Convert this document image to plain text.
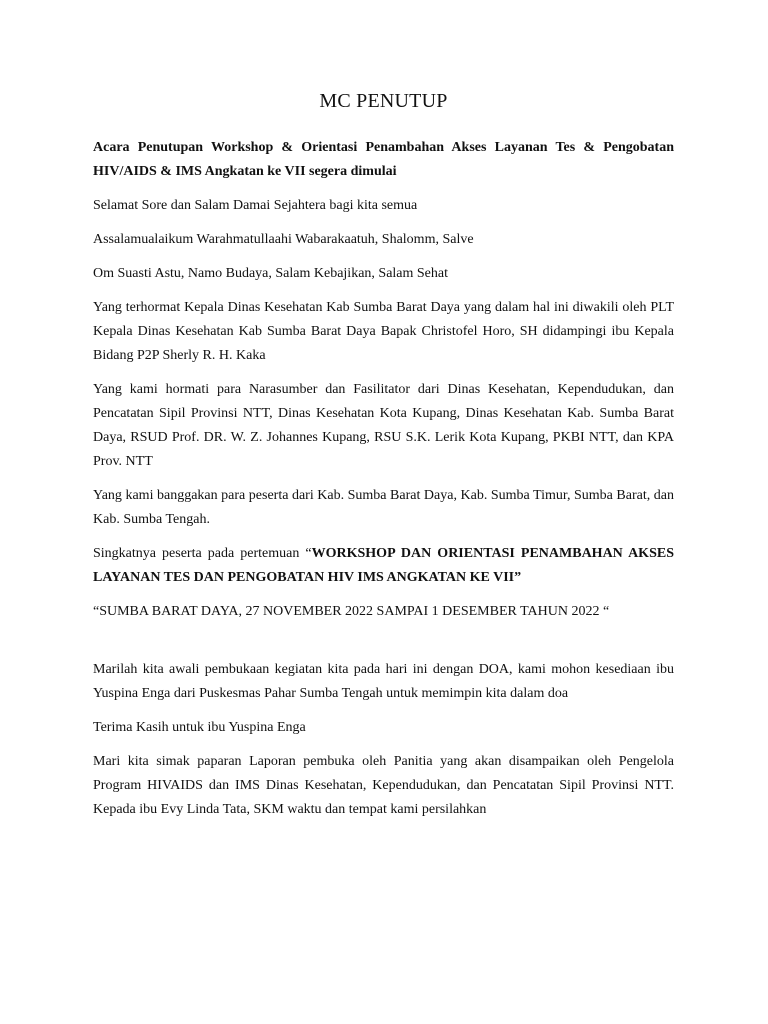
MC PENUTUP
Acara Penutupan Workshop & Orientasi Penambahan Akses Layanan Tes & Pengobatan HIV/AIDS & IMS Angkatan ke VII segera dimulai
Selamat Sore dan Salam Damai Sejahtera bagi kita semua
Assalamualaikum Warahmatullaahi Wabarakaatuh, Shalomm, Salve
Om Suasti Astu, Namo Budaya, Salam Kebajikan, Salam Sehat
Yang terhormat Kepala Dinas Kesehatan Kab Sumba Barat Daya yang dalam hal ini diwakili oleh PLT Kepala Dinas Kesehatan Kab Sumba Barat Daya Bapak Christofel Horo, SH didampingi ibu Kepala Bidang P2P Sherly R. H. Kaka
Yang kami hormati para Narasumber dan Fasilitator dari Dinas Kesehatan, Kependudukan, dan Pencatatan Sipil Provinsi NTT, Dinas Kesehatan Kota Kupang, Dinas Kesehatan Kab. Sumba Barat Daya, RSUD Prof. DR. W. Z. Johannes Kupang, RSU S.K. Lerik Kota Kupang, PKBI NTT, dan KPA Prov. NTT
Yang kami banggakan para peserta dari Kab. Sumba Barat Daya, Kab. Sumba Timur, Sumba Barat, dan Kab. Sumba Tengah.
Singkatnya peserta pada pertemuan “WORKSHOP DAN ORIENTASI PENAMBAHAN AKSES LAYANAN TES DAN PENGOBATAN HIV IMS ANGKATAN KE VII”
“SUMBA BARAT DAYA, 27 NOVEMBER 2022 SAMPAI 1 DESEMBER TAHUN 2022 “
Marilah kita awali pembukaan kegiatan kita pada hari ini dengan DOA, kami mohon kesediaan ibu Yuspina Enga dari Puskesmas Pahar Sumba Tengah untuk memimpin kita dalam doa
Terima Kasih untuk ibu Yuspina Enga
Mari kita simak paparan Laporan pembuka oleh Panitia yang akan disampaikan oleh Pengelola Program HIVAIDS dan IMS Dinas Kesehatan, Kependudukan, dan Pencatatan Sipil Provinsi NTT. Kepada ibu Evy Linda Tata, SKM waktu dan tempat kami persilahkan
